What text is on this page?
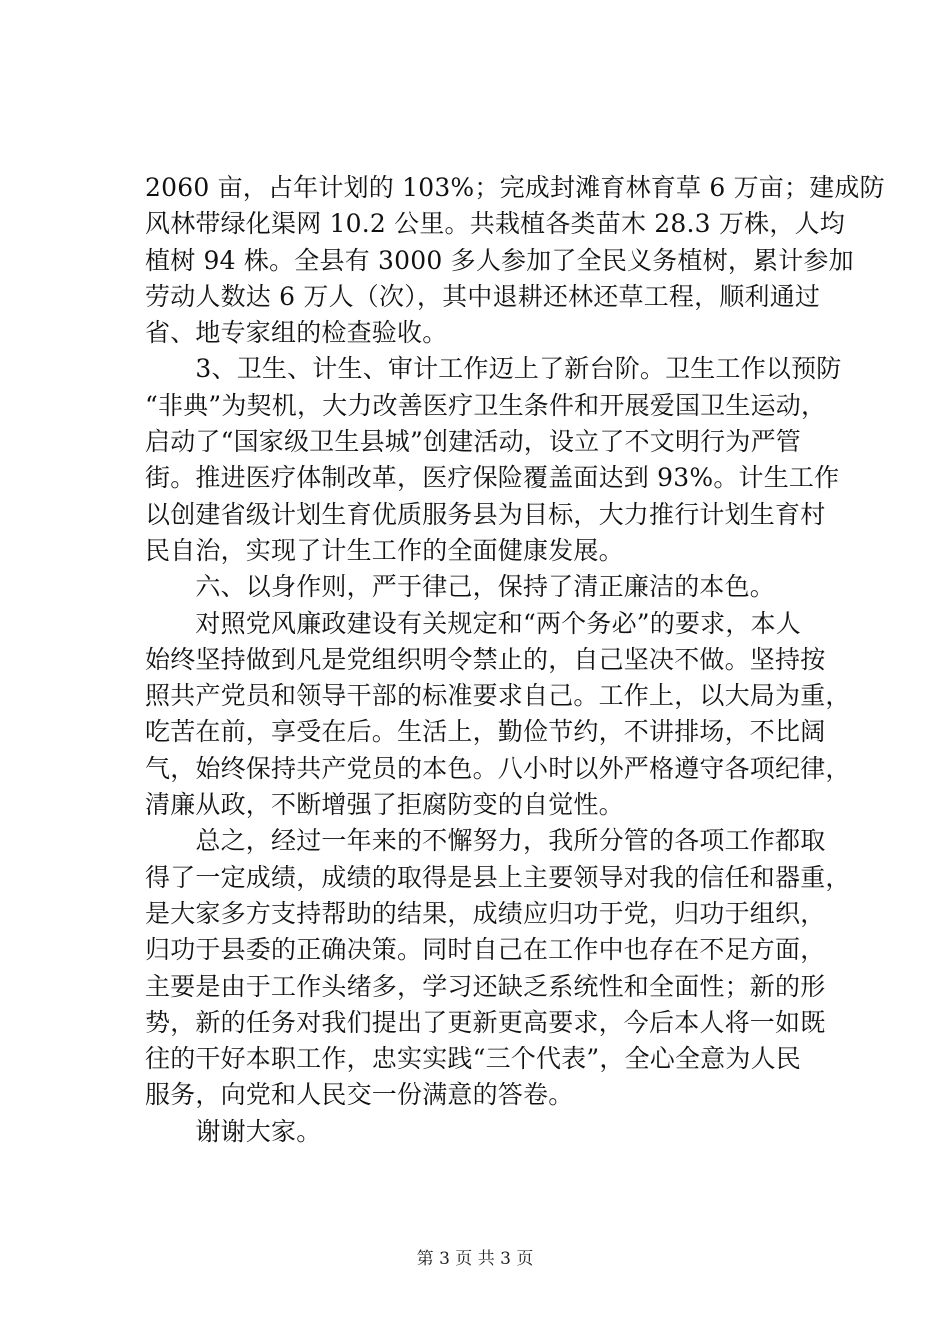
2060 亩，占年计划的 103%；完成封滩育林育草 6 万亩；建成防
风林带绿化渠网 10.2 公里。共栽植各类苗木 28.3 万株，人均
植树 94 株。全县有 3000 多人参加了全民义务植树，累计参加
劳动人数达 6 万人（次），其中退耕还林还草工程，顺利通过
省、地专家组的检查验收。
　　3、卫生、计生、审计工作迈上了新台阶。卫生工作以预防
“非典”为契机，大力改善医疗卫生条件和开展爱国卫生运动，
启动了“国家级卫生县城”创建活动，设立了不文明行为严管
街。推进医疗体制改革，医疗保险覆盖面达到 93%。计生工作
以创建省级计划生育优质服务县为目标，大力推行计划生育村
民自治，实现了计生工作的全面健康发展。
　　六、以身作则，严于律己，保持了清正廉洁的本色。
　　对照党风廉政建设有关规定和“两个务必”的要求，本人
始终坚持做到凡是党组织明令禁止的，自己坚决不做。坚持按
照共产党员和领导干部的标准要求自己。工作上，以大局为重，
吃苦在前，享受在后。生活上，勤俭节约，不讲排场，不比阔
气，始终保持共产党员的本色。八小时以外严格遵守各项纪律，
清廉从政，不断增强了拒腐防变的自觉性。
　　总之，经过一年来的不懈努力，我所分管的各项工作都取
得了一定成绩，成绩的取得是县上主要领导对我的信任和器重，
是大家多方支持帮助的结果，成绩应归功于党，归功于组织，
归功于县委的正确决策。同时自己在工作中也存在不足方面，
主要是由于工作头绪多，学习还缺乏系统性和全面性；新的形
势，新的任务对我们提出了更新更高要求，今后本人将一如既
往的干好本职工作，忠实实践“三个代表”，全心全意为人民
服务，向党和人民交一份满意的答卷。
　　谢谢大家。
第 3 页 共 3 页
